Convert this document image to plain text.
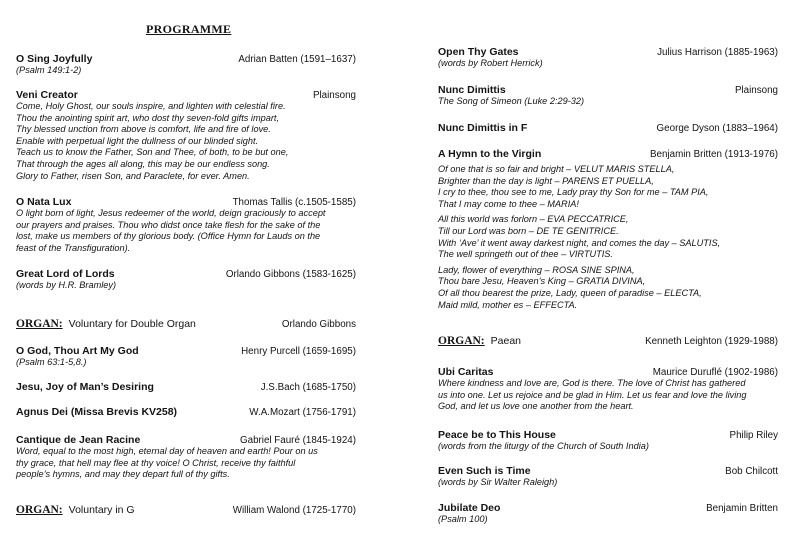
PROGRAMME
O Sing Joyfully	Adrian Batten (1591–1637)
(Psalm 149:1-2)
Veni Creator	Plainsong
Come, Holy Ghost, our souls inspire, and lighten with celestial fire.
Thou the anointing spirit art, who dost thy seven-fold gifts impart,
Thy blessed unction from above is comfort, life and fire of love.
Enable with perpetual light the dullness of our blinded sight.
Teach us to know the Father, Son and Thee, of both, to be but one,
That through the ages all along, this may be our endless song.
Glory to Father, risen Son, and Paraclete, for ever. Amen.
O Nata Lux	Thomas Tallis (c.1505-1585)
O light born of light, Jesus redeemer of the world, deign graciously to accept
our prayers and praises. Thou who didst once take flesh for the sake of the
lost, make us members of thy glorious body. (Office Hymn for Lauds on the
feast of the Transfiguration).
Great Lord of Lords	Orlando Gibbons (1583-1625)
(words by H.R. Bramley)
ORGAN: Voluntary for Double Organ	Orlando Gibbons
O God, Thou Art My God	Henry Purcell (1659-1695)
(Psalm 63:1-5,8.)
Jesu, Joy of Man’s Desiring	J.S.Bach (1685-1750)
Agnus Dei (Missa Brevis KV258)	W.A.Mozart (1756-1791)
Cantique de Jean Racine	Gabriel Fauré (1845-1924)
Word, equal to the most high, eternal day of heaven and earth! Pour on us
thy grace, that hell may flee at thy voice! O Christ, receive thy faithful
people’s hymns, and may they depart full of thy gifts.
ORGAN: Voluntary in G	William Walond (1725-1770)
Open Thy Gates	Julius Harrison (1885-1963)
(words by Robert Herrick)
Nunc Dimittis	Plainsong
The Song of Simeon (Luke 2:29-32)
Nunc Dimittis in F	George Dyson (1883–1964)
A Hymn to the Virgin	Benjamin Britten (1913-1976)
Of one that is so fair and bright – VELUT MARIS STELLA,
Brighter than the day is light – PARENS ET PUELLA,
I cry to thee, thou see to me, Lady pray thy Son for me – TAM PIA,
That I may come to thee – MARIA!
All this world was forlorn – EVA PECCATRICE,
Till our Lord was born – DE TE GENITRICE.
With ‘Ave’ it went away darkest night, and comes the day – SALUTIS,
The well springeth out of thee – VIRTUTIS.
Lady, flower of everything – ROSA SINE SPINA,
Thou bare Jesu, Heaven’s King – GRATIA DIVINA,
Of all thou bearest the prize, Lady, queen of paradise – ELECTA,
Maid mild, mother es – EFFECTA.
ORGAN: Paean	Kenneth Leighton (1929-1988)
Ubi Caritas	Maurice Duruflé (1902-1986)
Where kindness and love are, God is there. The love of Christ has gathered
us into one. Let us rejoice and be glad in Him. Let us fear and love the living
God, and let us love one another from the heart.
Peace be to This House	Philip Riley
(words from the liturgy of the Church of South India)
Even Such is Time	Bob Chilcott
(words by Sir Walter Raleigh)
Jubilate Deo	Benjamin Britten
(Psalm 100)
